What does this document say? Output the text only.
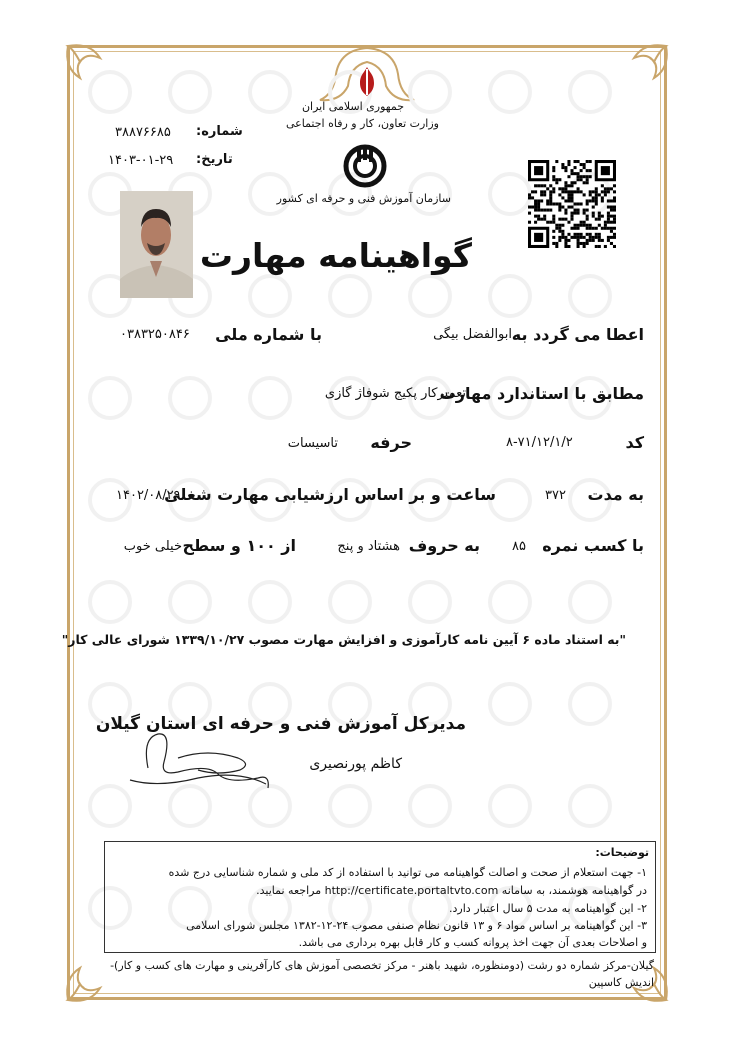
جمهوری اسلامی ایران
وزارت تعاون، کار و رفاه اجتماعی
سازمان آموزش فنی و حرفه ای کشور
شماره:
۳۸۸۷۶۶۸۵
تاریخ:
۱۴۰۳-۰۱-۲۹
گواهینامه مهارت
اعطا می گردد به
ابوالفضل بیگی
با شماره ملی
۰۳۸۳۲۵۰۸۴۶
مطابق با استاندارد مهارت
تعمیرکار پکیج شوفاژ گازی
کد
۸-۷۱/۱۲/۱/۲
حرفه
تاسیسات
به مدت
۳۷۲
ساعت و بر اساس ارزشیابی مهارت شغلی
۱۴۰۲/۰۸/۲۹
با کسب نمره
۸۵
به حروف
هشتاد و پنج
از ۱۰۰ و سطح
خیلی خوب
"به استناد ماده ۶ آیین نامه کارآموزی و افزایش مهارت مصوب ۱۳۳۹/۱۰/۲۷ شورای عالی کار"
مدیرکل آموزش فنی و حرفه ای استان گیلان
کاظم پورنصیری
توضیحات:
۱- جهت استعلام از صحت و اصالت گواهینامه می توانید با استفاده از کد ملی و شماره شناسایی درج شده
در گواهینامه هوشمند، به سامانه http://certificate.portaltvto.com مراجعه نمایید.
۲- این گواهینامه به مدت ۵ سال اعتبار دارد.
۳- این گواهینامه بر اساس مواد ۶ و ۱۳ قانون نظام صنفی مصوب ۲۴-۱۲-۱۳۸۲ مجلس شورای اسلامی
و اصلاحات بعدی آن جهت اخذ پروانه کسب و کار قابل بهره برداری می باشد.
گیلان-مرکز شماره دو رشت (دومنظوره، شهید باهنر - مرکز تخصصی آموزش های کارآفرینی و مهارت های کسب و کار)-
اندیش کاسپین
